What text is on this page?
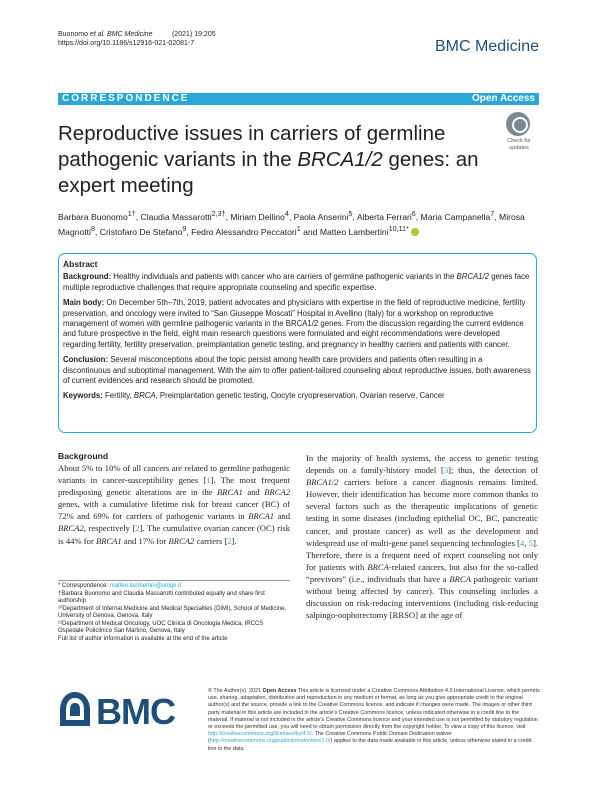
Buonomo et al. BMC Medicine	(2021) 19:205
https://doi.org/10.1186/s12916-021-02081-7	BMC Medicine
CORRESPONDENCE	Open Access
Reproductive issues in carriers of germline pathogenic variants in the BRCA1/2 genes: an expert meeting
Check for
updates
Barbara Buonomo$^{1\dagger}$, Claudia Massarotti$^{2,3\dagger}$, Miriam Dellino$^4$, Paola Anserini$^5$, Alberta Ferrari$^6$, Maria Campanella$^7$, Mirosa Magnotti$^8$, Cristofaro De Stefano$^9$, Fedro Alessandro Peccatori$^1$ and Matteo Lambertini$^{10,11*}$
Abstract

Background: Healthy individuals and patients with cancer who are carriers of germline pathogenic variants in the BRCA1/2 genes face multiple reproductive challenges that require appropriate counseling and specific expertise.

Main body: On December 5th–7th, 2019, patient advocates and physicians with expertise in the field of reproductive medicine, fertility preservation, and oncology were invited to “San Giuseppe Moscati” Hospital in Avellino (Italy) for a workshop on reproductive management of women with germline pathogenic variants in the BRCA1/2 genes. From the discussion regarding the current evidence and future prospective in the field, eight main research questions were formulated and eight recommendations were developed regarding fertility, fertility preservation, preimplantation genetic testing, and pregnancy in healthy carriers and patients with cancer.

Conclusion: Several misconceptions about the topic persist among health care providers and patients often resulting in a discontinuous and suboptimal management. With the aim to offer patient-tailored counseling about reproductive issues, both awareness of current evidences and research should be promoted.

Keywords: Fertility, BRCA, Preimplantation genetic testing, Oocyte cryopreservation, Ovarian reserve, Cancer

Background
About 5% to 10% of all cancers are related to germline pathogenic variants in cancer-susceptibility genes [1]. The most frequent predisposing genetic alterations are in the BRCA1 and BRCA2 genes, with a cumulative lifetime risk for breast cancer (BC) of 72% and 69% for carriers of pathogenic variants in BRCA1 and BRCA2, respectively [2]. The cumulative ovarian cancer (OC) risk is 44% for BRCA1 and 17% for BRCA2 carriers [2].
In the majority of health systems, the access to genetic testing depends on a family-history model [3]; thus, the detection of BRCA1/2 carriers before a cancer diagnosis remains limited. However, their identification has become more common thanks to several factors such as the therapeutic implications of genetic testing in some diseases (including epithelial OC, BC, pancreatic cancer, and prostate cancer) as well as the development and widespread use of multi-gene panel sequencing technologies [4, 5]. Therefore, there is a frequent need of expert counseling not only for patients with BRCA-related cancers, but also for the so-called “previvors” (i.e., individuals that have a BRCA pathogenic variant without being affected by cancer). This counseling includes a discussion on risk-reducing interventions (including risk-reducing salpingo-oophorectomy [RRSO] at the age of

* Correspondence: matteo.lambertini@unige.it

†Barbara Buonomo and Claudia Massarotti contributed equally and share first authorship

¹⁰Department of Internal Medicine and Medical Specialties (DiMI), School of Medicine, University of Genova, Genova, Italy

¹¹Department of Medical Oncology, UOC Clinica di Oncologia Medica, IRCCS Ospedale Policlinico San Martino, Genova, Italy

Full list of author information is available at the end of the article

BMC	© The Author(s). 2021 Open Access This article is licensed under a Creative Commons Attribution 4.0 International License, which permits use, sharing, adaptation, distribution and reproduction in any medium or format, as long as you give appropriate credit to the original author(s) and the source, provide a link to the Creative Commons licence, and indicate if changes were made. The images or other third party material in this article are included in the article's Creative Commons licence, unless indicated otherwise in a credit line to the material. If material is not included in the article's Creative Commons licence and your intended use is not permitted by statutory regulation or exceeds the permitted use, you will need to obtain permission directly from the copyright holder. To view a copy of this licence, visit http://creativecommons.org/licenses/by/4.0/. The Creative Commons Public Domain Dedication waiver (http://creativecommons.org/publicdomain/zero/1.0/) applies to the data made available in this article, unless otherwise stated in a credit line to the data.
